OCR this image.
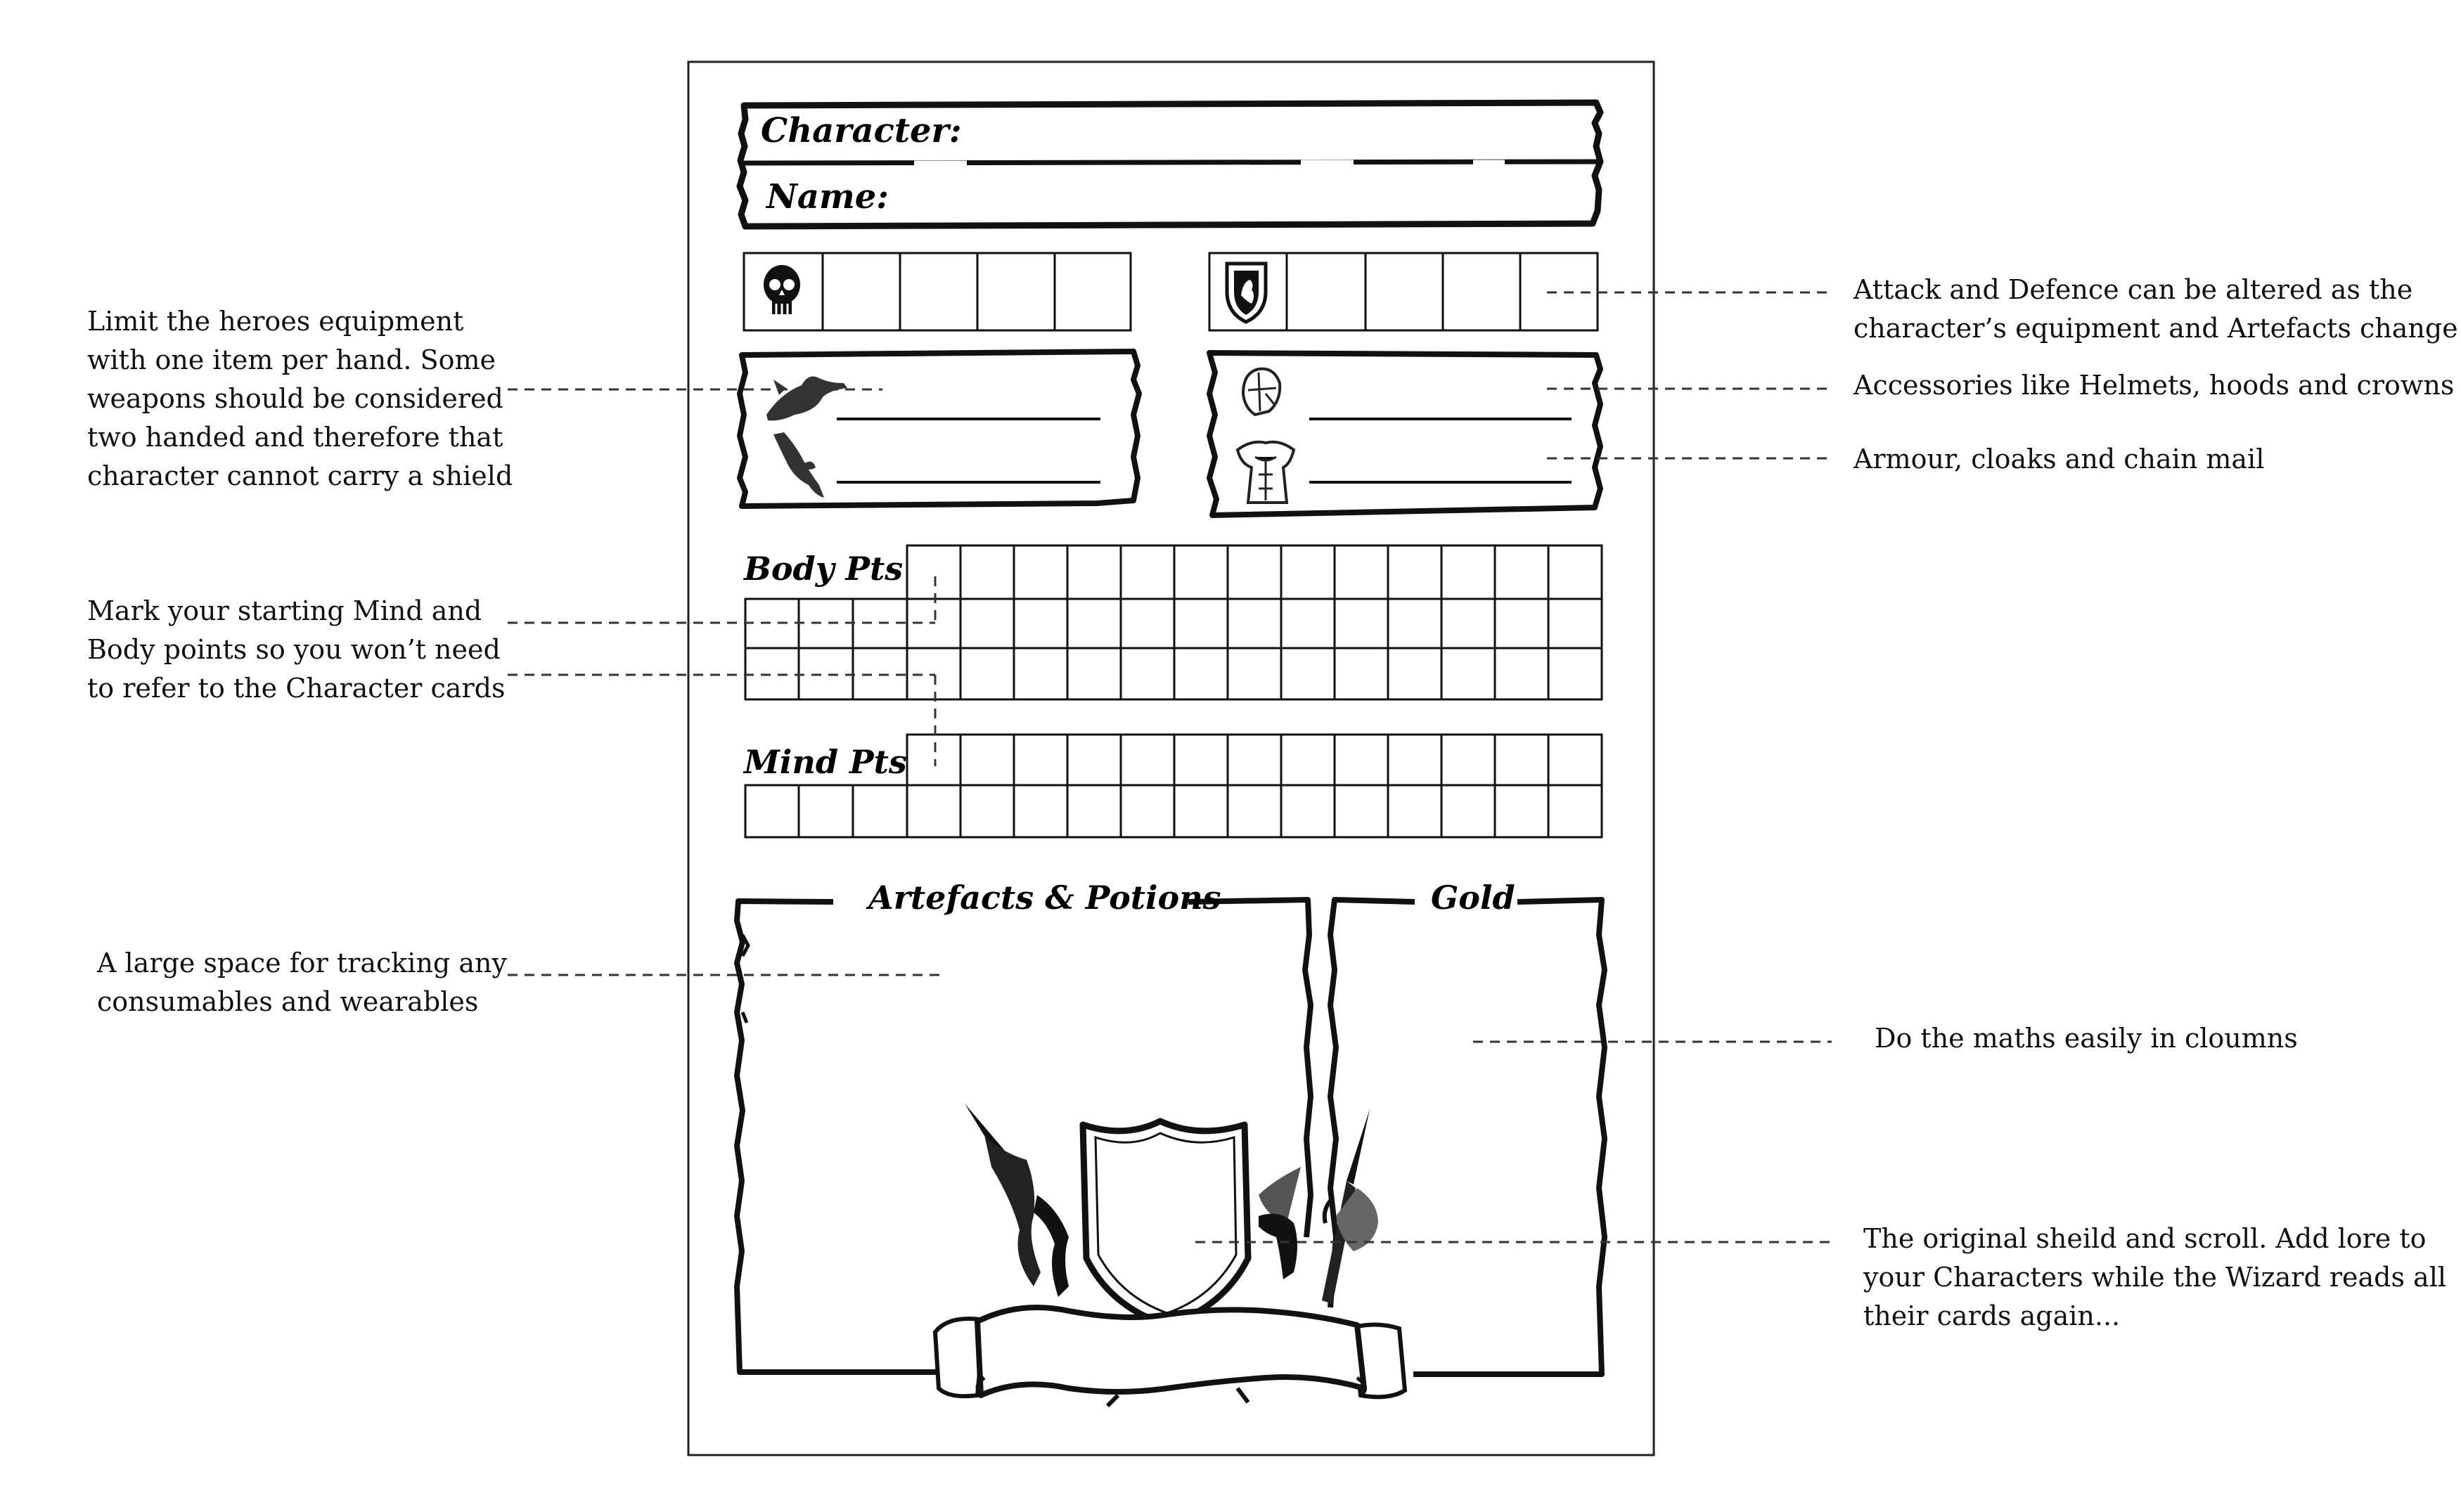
Character:
Name:
Body Pts
Mind Pts
Artefacts & Potions	Gold
Limit the heroes equipment
with one item per hand. Some
weapons should be considered
two handed and therefore that
character cannot carry a shield
Mark your starting Mind and
Body points so you won’t need
to refer to the Character cards
A large space for tracking any
consumables and wearables
Attack and Defence can be altered as the
character’s equipment and Artefacts change
Accessories like Helmets, hoods and crowns
Armour, cloaks and chain mail
Do the maths easily in cloumns
The original sheild and scroll. Add lore to
your Characters while the Wizard reads all
their cards again...
